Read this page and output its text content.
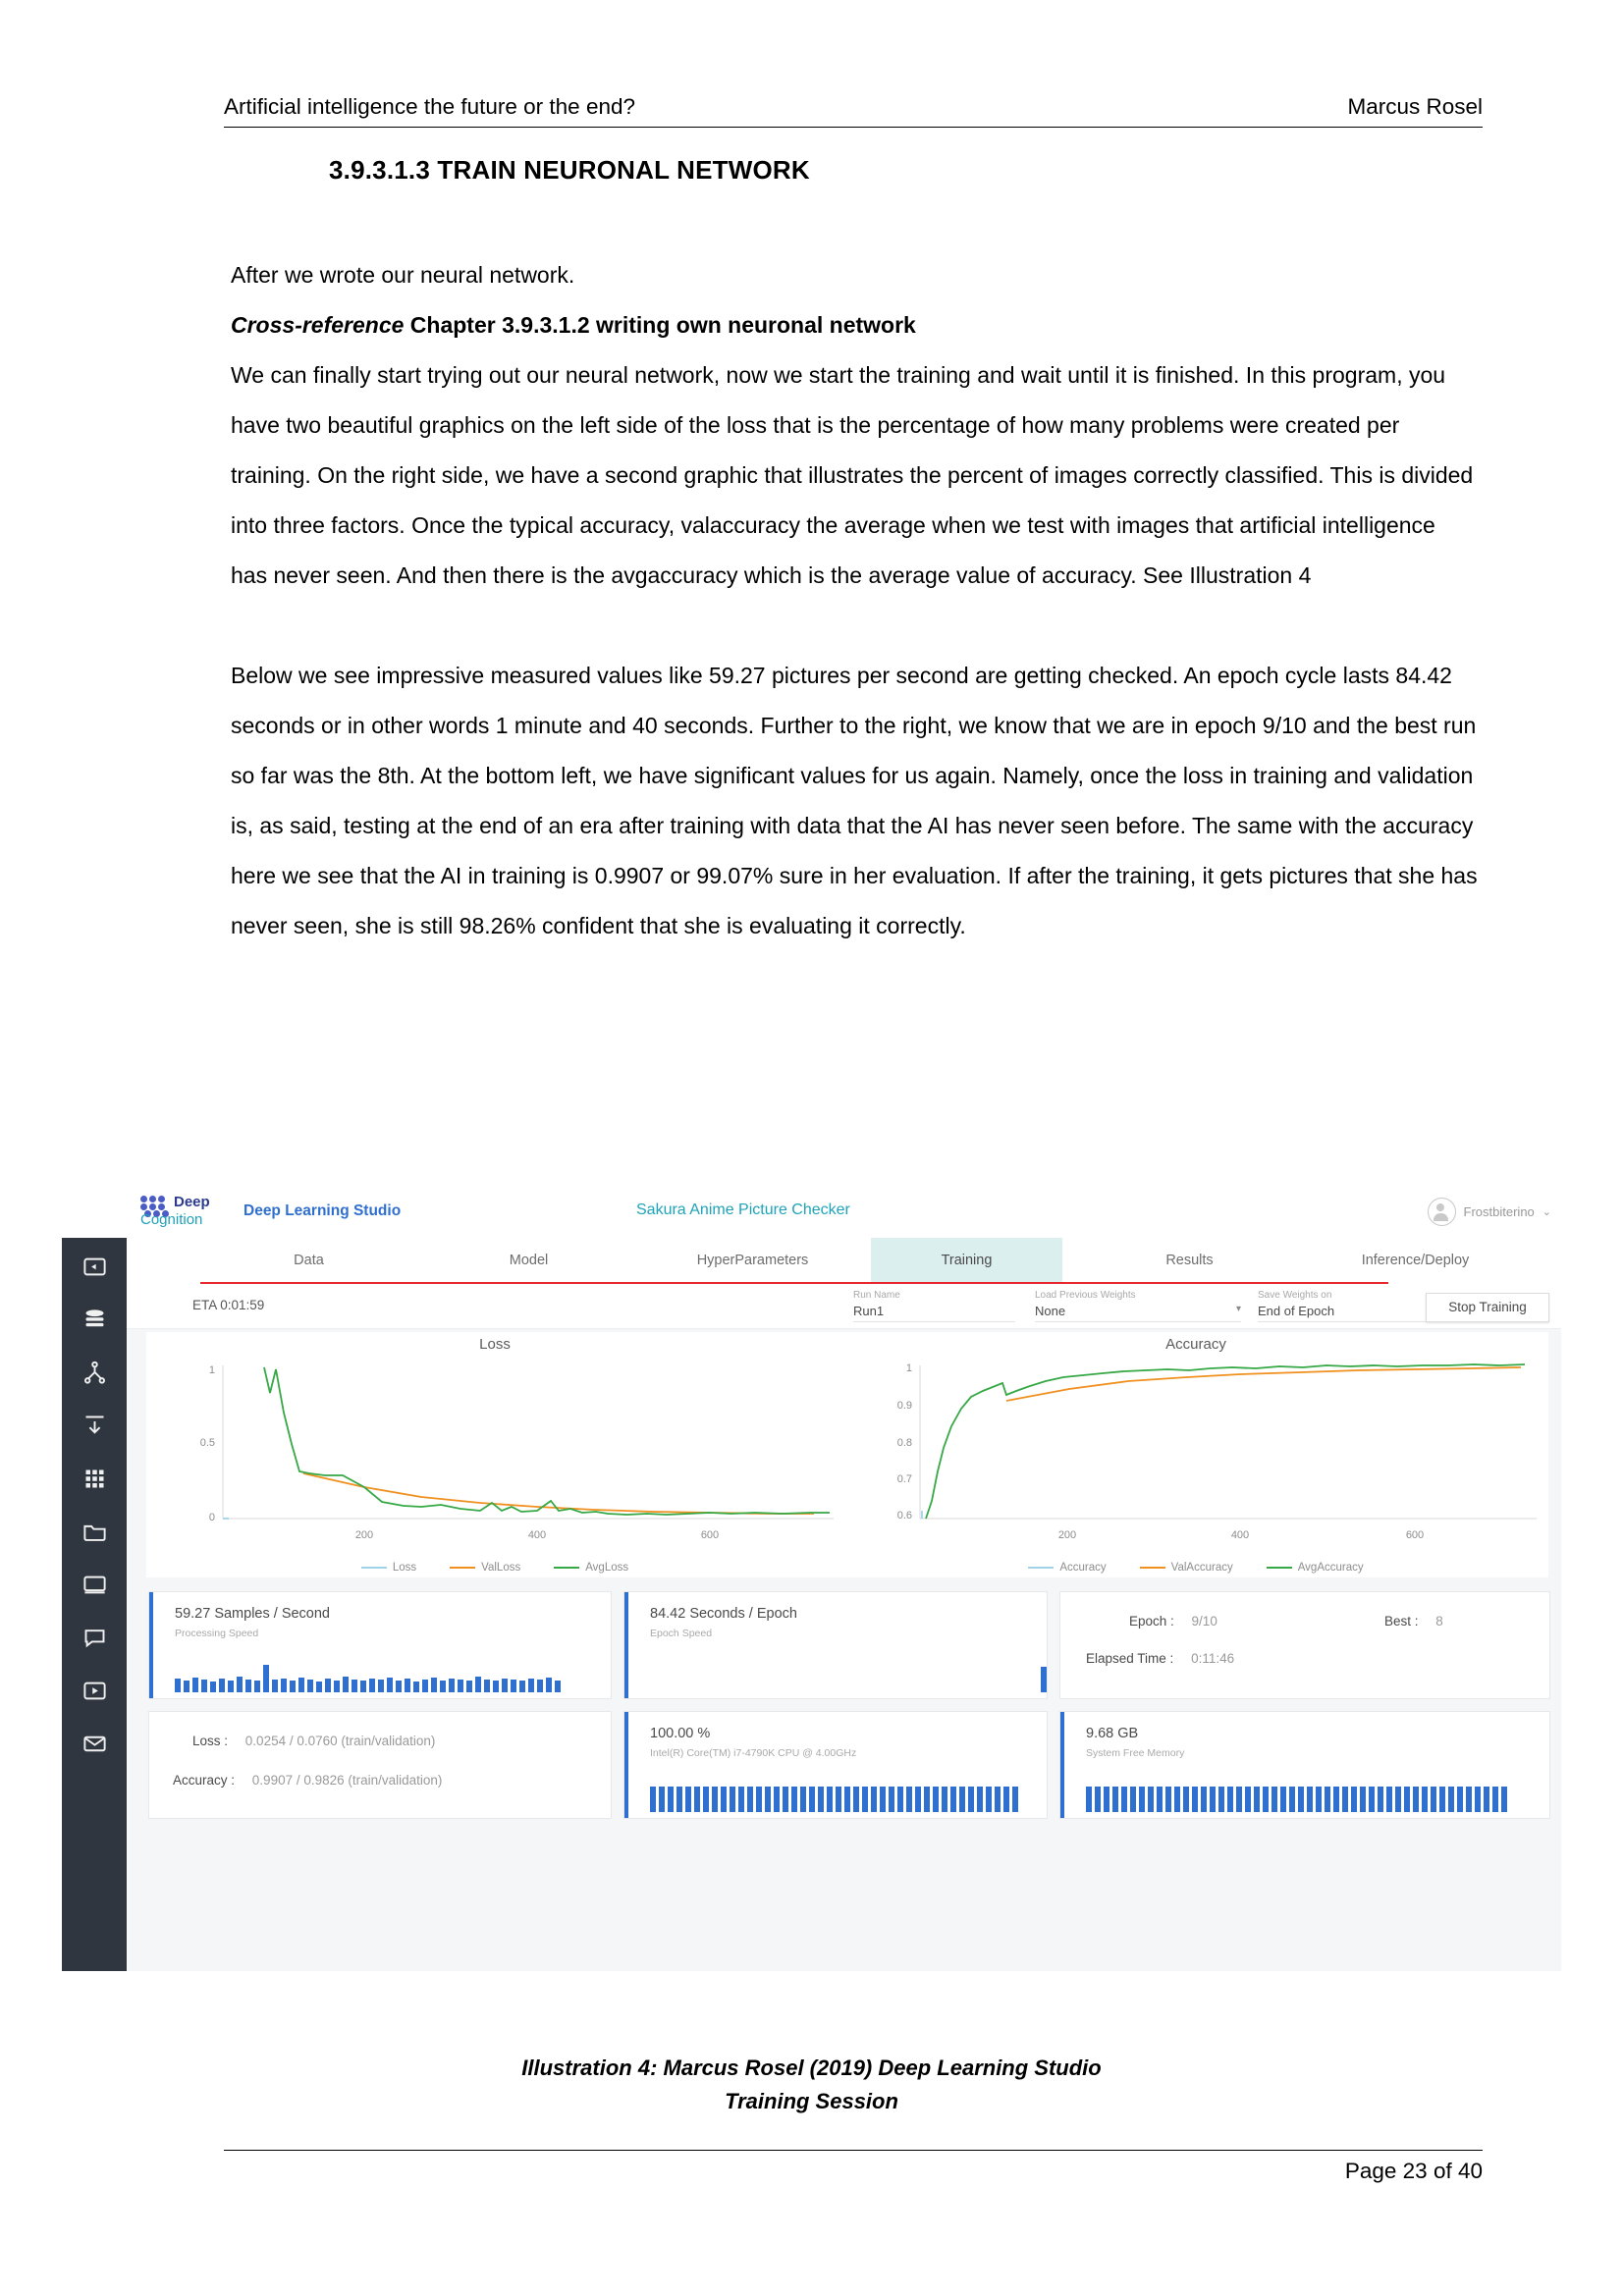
Artificial intelligence the future or the end?	Marcus Rosel
3.9.3.1.3 TRAIN NEURONAL NETWORK

After we wrote our neural network.

Cross-reference Chapter 3.9.3.1.2 writing own neuronal network

We can finally start trying out our neural network, now we start the training and wait until it is finished. In this program, you have two beautiful graphics on the left side of the loss that is the percentage of how many problems were created per training. On the right side, we have a second graphic that illustrates the percent of images correctly classified. This is divided into three factors. Once the typical accuracy, valaccuracy the average when we test with images that artificial intelligence has never seen. And then there is the avgaccuracy which is the average value of accuracy. See Illustration 4

Below we see impressive measured values like 59.27 pictures per second are getting checked. An epoch cycle lasts 84.42 seconds or in other words 1 minute and 40 seconds. Further to the right, we know that we are in epoch 9/10 and the best run so far was the 8th. At the bottom left, we have significant values for us again. Namely, once the loss in training and validation is, as said, testing at the end of an era after training with data that the AI has never seen before. The same with the accuracy here we see that the AI in training is 0.9907 or 99.07% sure in her evaluation. If after the training, it gets pictures that she has never seen, she is still 98.26% confident that she is evaluating it correctly.

Deep
Cognition
Deep Learning Studio	Sakura Anime Picture Checker	Frostbiterino ⌄
Data	Model	HyperParameters	Training	Results	Inference/Deploy
ETA 0:01:59
Run Name
Run1
Load Previous Weights
None ▾
Save Weights on
End of Epoch ▾	Stop Training
Loss
1
0.5
0
200	400	600
Loss	ValLoss	AvgLoss
Accuracy
1
0.9
0.8
0.7
0.6
200	400	600
Accuracy	ValAccuracy	AvgAccuracy
59.27 Samples / Second
Processing Speed
84.42 Seconds / Epoch
Epoch Speed
Epoch : 9/10	Best : 8
Elapsed Time : 0:11:46
Loss : 0.0254 / 0.0760 (train/validation)
Accuracy : 0.9907 / 0.9826 (train/validation)
100.00 %
Intel(R) Core(TM) i7-4790K CPU @ 4.00GHz
9.68 GB
System Free Memory
Illustration 4: Marcus Rosel (2019) Deep Learning Studio
Training Session
Page 23 of 40
